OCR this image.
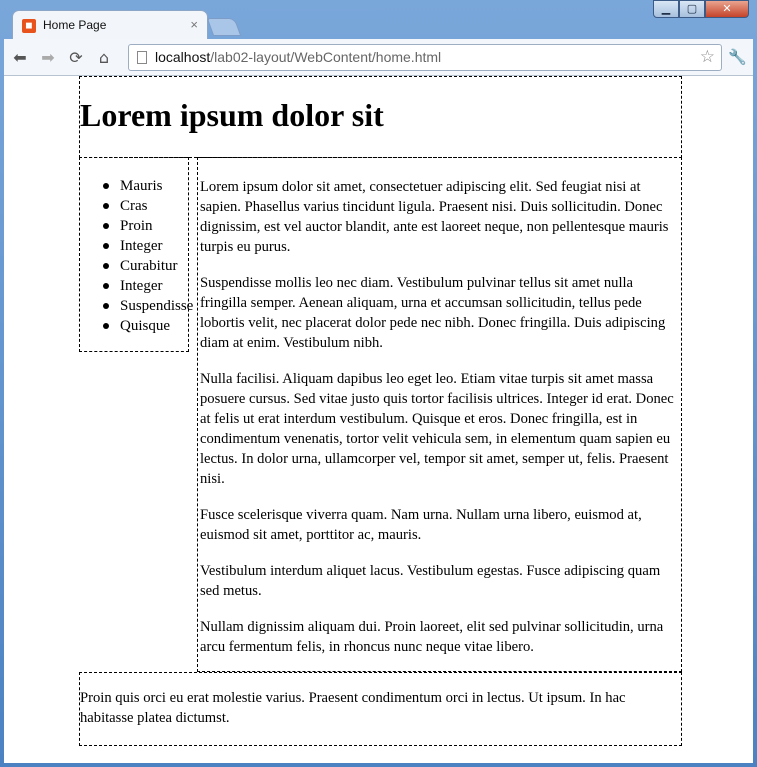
◼ Home Page	×
▁	▢	✕
⬅ ➡ ⟳	⌂	localhost/lab02-layout/WebContent/home.html	☆ 🔧
Lorem ipsum dolor sit
Mauris
Cras
Proin
Integer
Curabitur
Integer
Suspendisse
Quisque

Lorem ipsum dolor sit amet, consectetuer adipiscing elit. Sed feugiat nisi at sapien. Phasellus varius tincidunt ligula. Praesent nisi. Duis sollicitudin. Donec dignissim, est vel auctor blandit, ante est laoreet neque, non pellentesque mauris turpis eu purus.

Suspendisse mollis leo nec diam. Vestibulum pulvinar tellus sit amet nulla fringilla semper. Aenean aliquam, urna et accumsan sollicitudin, tellus pede lobortis velit, nec placerat dolor pede nec nibh. Donec fringilla. Duis adipiscing diam at enim. Vestibulum nibh.

Nulla facilisi. Aliquam dapibus leo eget leo. Etiam vitae turpis sit amet massa posuere cursus. Sed vitae justo quis tortor facilisis ultrices. Integer id erat. Donec at felis ut erat interdum vestibulum. Quisque et eros. Donec fringilla, est in condimentum venenatis, tortor velit vehicula sem, in elementum quam sapien eu lectus. In dolor urna, ullamcorper vel, tempor sit amet, semper ut, felis. Praesent nisi.

Fusce scelerisque viverra quam. Nam urna. Nullam urna libero, euismod at, euismod sit amet, porttitor ac, mauris.

Vestibulum interdum aliquet lacus. Vestibulum egestas. Fusce adipiscing quam sed metus.

Nullam dignissim aliquam dui. Proin laoreet, elit sed pulvinar sollicitudin, urna arcu fermentum felis, in rhoncus nunc neque vitae libero.

Proin quis orci eu erat molestie varius. Praesent condimentum orci in lectus. Ut ipsum. In hac habitasse platea dictumst.
